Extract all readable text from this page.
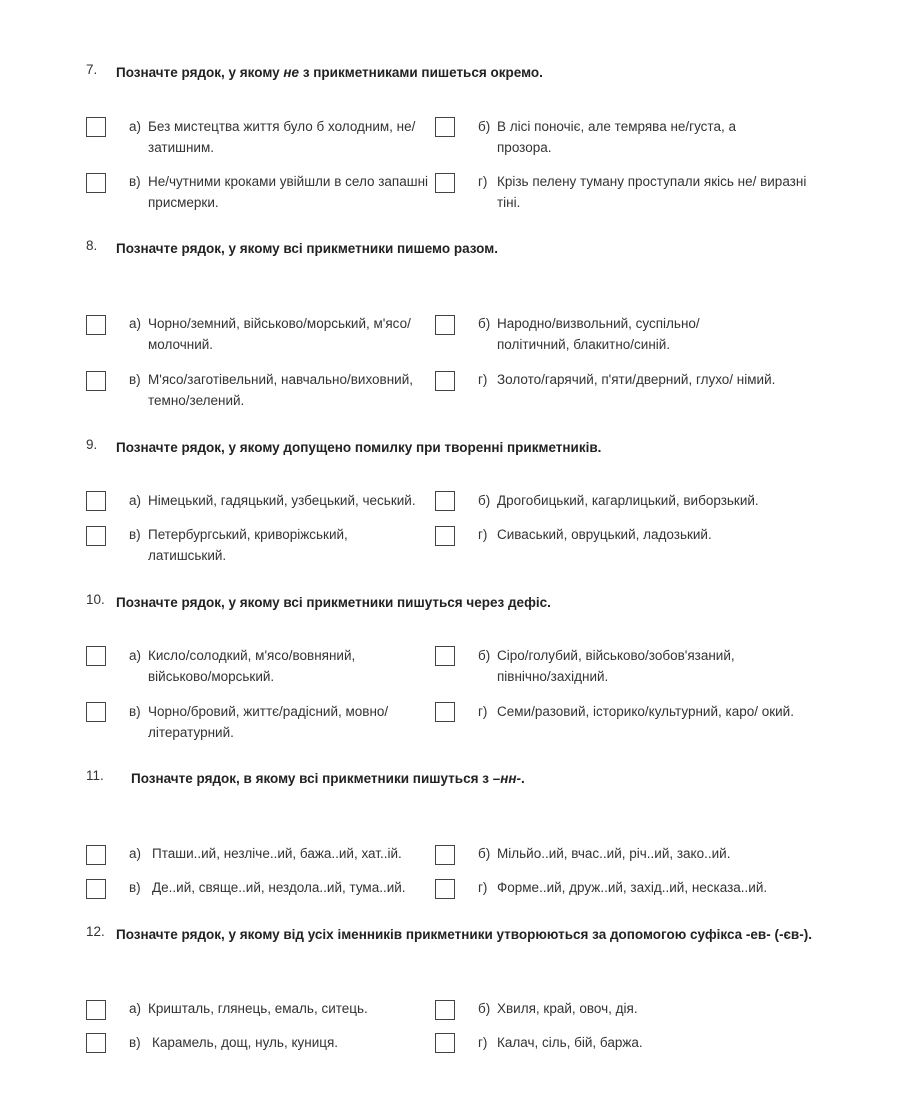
7. Позначте рядок, у якому не з прикметниками пишеться окремо.
а) Без мистецтва життя було б холодним, не/ затишним.
б) В лісі поночіє, але темрява не/густа, а прозора.
в) Не/чутними кроками увійшли в село запашні присмерки.
г) Крізь пелену туману проступали якісь не/ виразні тіні.
8. Позначте рядок, у якому всі прикметники пишемо разом.
а) Чорно/земний, військово/морський, м'ясо/ молочний.
б) Народно/визвольний, суспільно/ політичний, блакитно/синій.
в) М'ясо/заготівельний, навчально/виховний, темно/зелений.
г) Золото/гарячий, п'яти/дверний, глухо/ німий.
9. Позначте рядок, у якому допущено помилку при творенні прикметників.
а) Німецький, гадяцький, узбецький, чеський.	б) Дрогобицький, кагарлицький, виборзький.
в) Петербургський, криворіжський, латишський.
г) Сиваський, овруцький, ладозький.
10. Позначте рядок, у якому всі прикметники пишуться через дефіс.
а) Кисло/солодкий, м'ясо/вовняний, військово/морський.
б) Сіро/голубий, військово/зобов'язаний, північно/західний.
в) Чорно/бровий, життє/радісний, мовно/ літературний.
г) Семи/разовий, історико/культурний, каро/ окий.
11. Позначте рядок, в якому всі прикметники пишуться з –нн-.
а) Пташи..ий, незліче..ий, бажа..ий, хат..ій.	б) Мільйо..ий, вчас..ий, річ..ий, зако..ий.
в) Де..ий, свяще..ий, нездола..ий, тума..ий.	г) Форме..ий, друж..ий, захід..ий, несказа..ий.
12. Позначте рядок, у якому від усіх іменників прикметники утворюються за допомогою суфікса -ев- (-єв-).
а) Кришталь, глянець, емаль, ситець.	б) Хвиля, край, овоч, дія.
в) Карамель, дощ, нуль, куниця.	г) Калач, сіль, бій, баржа.
